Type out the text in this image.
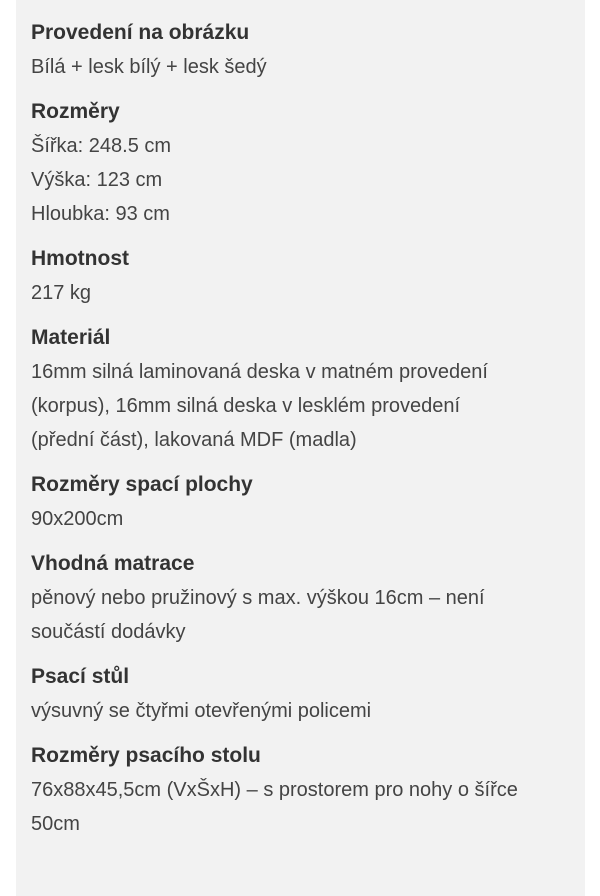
Provedení na obrázku
Bílá + lesk bílý + lesk šedý
Rozměry
Šířka: 248.5 cm
Výška: 123 cm
Hloubka: 93 cm
Hmotnost
217 kg
Materiál
16mm silná laminovaná deska v matném provedení
(korpus), 16mm silná deska v lesklém provedení
(přední část), lakovaná MDF (madla)
Rozměry spací plochy
90x200cm
Vhodná matrace
pěnový nebo pružinový s max. výškou 16cm – není
součástí dodávky
Psací stůl
výsuvný se čtyřmi otevřenými policemi
Rozměry psacího stolu
76x88x45,5cm (VxŠxH) – s prostorem pro nohy o šířce
50cm
